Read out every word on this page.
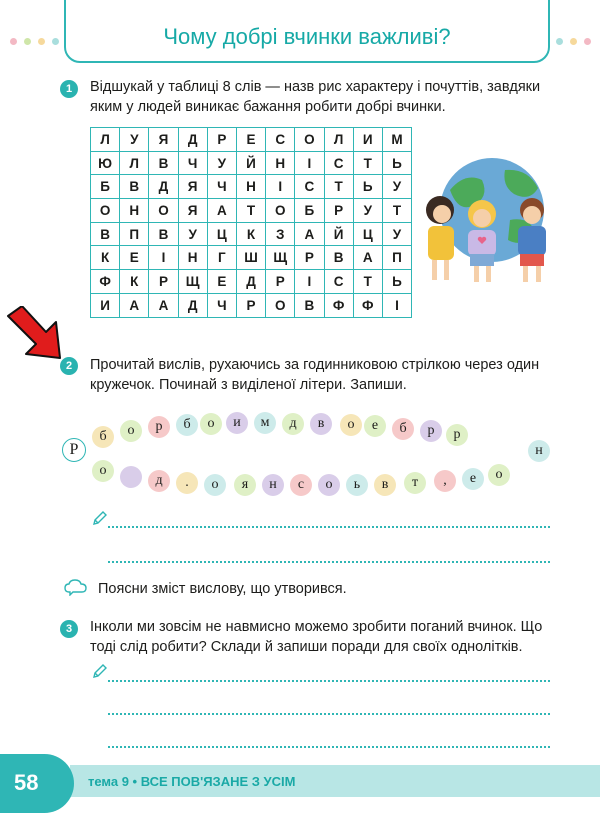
Чому добрі вчинки важливі?
1	Відшукай у таблиці 8 слів — назв рис характеру і почуттів, завдяки яким у людей виникає бажання робити добрі вчинки.
Л	У	Я	Д	Р	Е	С	О	Л	И	М
Ю	Л	В	Ч	У	Й	Н	І	С	Т	Ь
Б	В	Д	Я	Ч	Н	І	С	Т	Ь	У
О	Н	О	Я	А	Т	О	Б	Р	У	Т
В	П	В	У	Ц	К	З	А	Й	Ц	У
К	Е	І	Н	Г	Ш	Щ	Р	В	А	П
Ф	К	Р	Щ	Е	Д	Р	І	С	Т	Ь
И	А	А	Д	Ч	Р	О	В	Ф	Ф	І
2	Прочитай вислів, рухаючись за годинниковою стрілкою через один кружечок. Починай з виділеної літери. Запиши.
Р
б	о	р	б	о	и	м	д	в	о	е	б	р	р
н
о
д	.	о	я	н	с	о	ь	в	т	,	е	о
Поясни зміст вислову, що утворився.
3	Інколи ми зовсім не навмисно можемо зробити поганий вчинок. Що тоді слід робити? Склади й запиши поради для своїх однолітків.
58	тема 9 • ВСЕ ПОВ'ЯЗАНЕ З УСІМ
